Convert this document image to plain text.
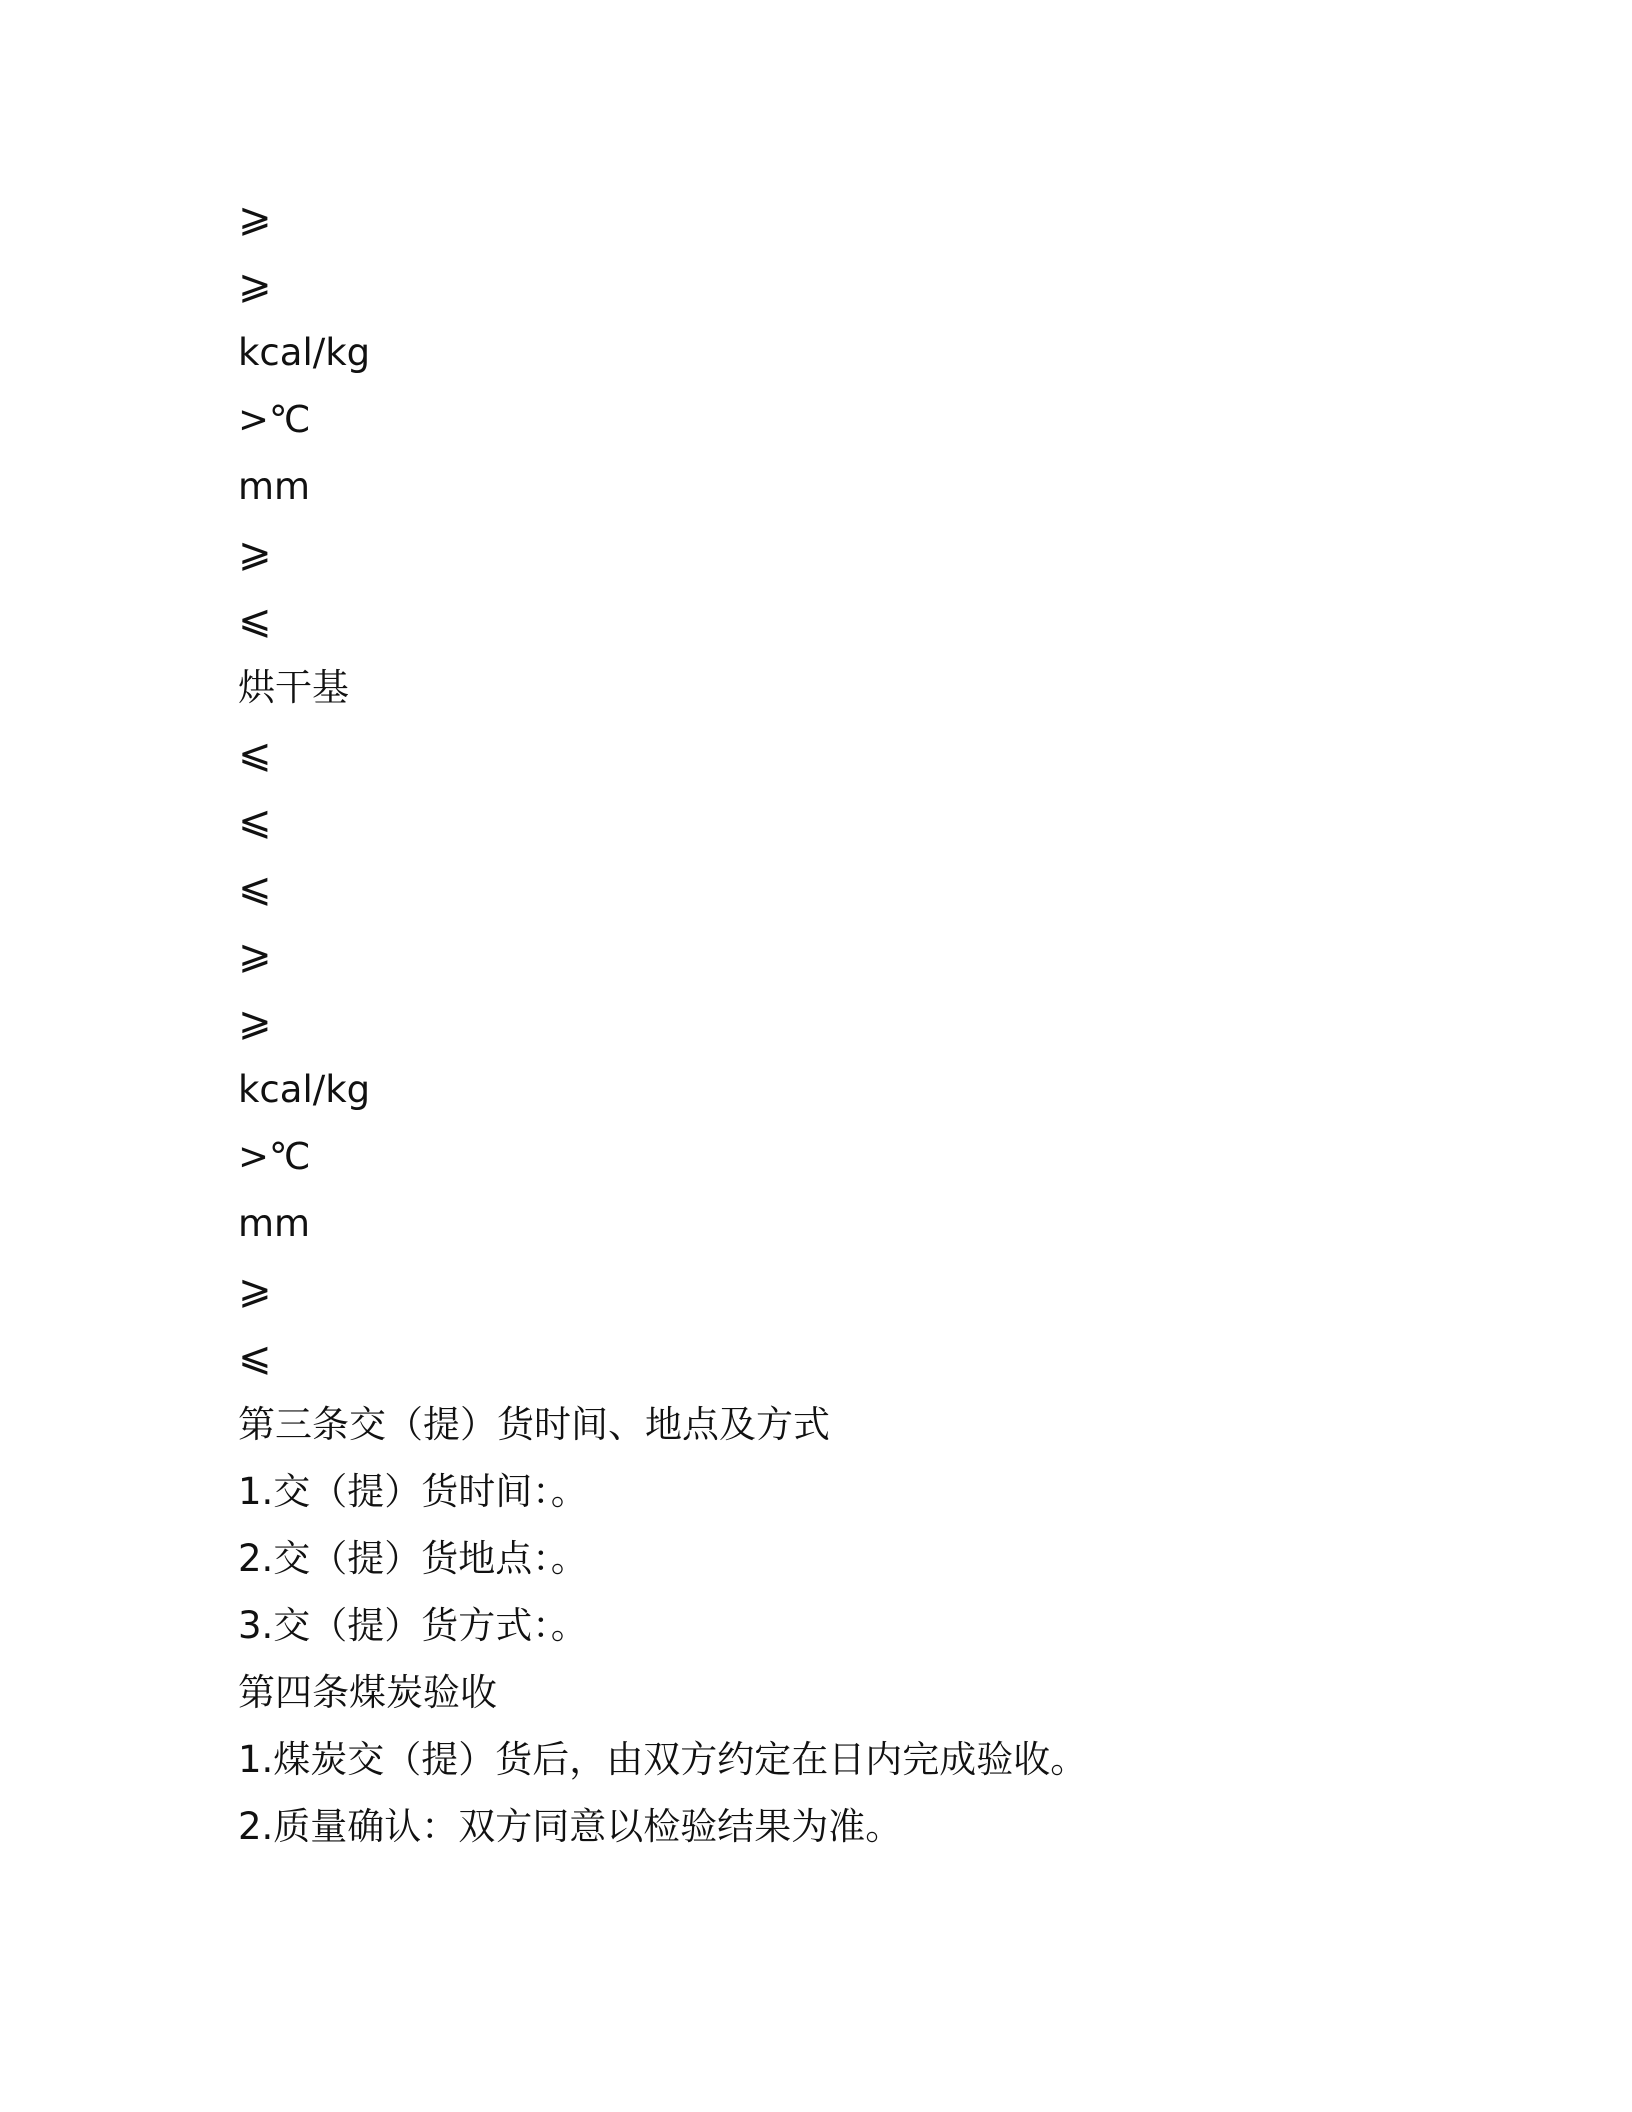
⩾
⩾
kcal/kg
>℃
mm
⩾
⩽
烘干基
⩽
⩽
⩽
⩾
⩾
kcal/kg
>℃
mm
⩾
⩽
第三条交（提）货时间、地点及方式
1.交（提）货时间：。
2.交（提）货地点：。
3.交（提）货方式：。
第四条煤炭验收
1.煤炭交（提）货后，由双方约定在日内完成验收。
2.质量确认：双方同意以检验结果为准。
